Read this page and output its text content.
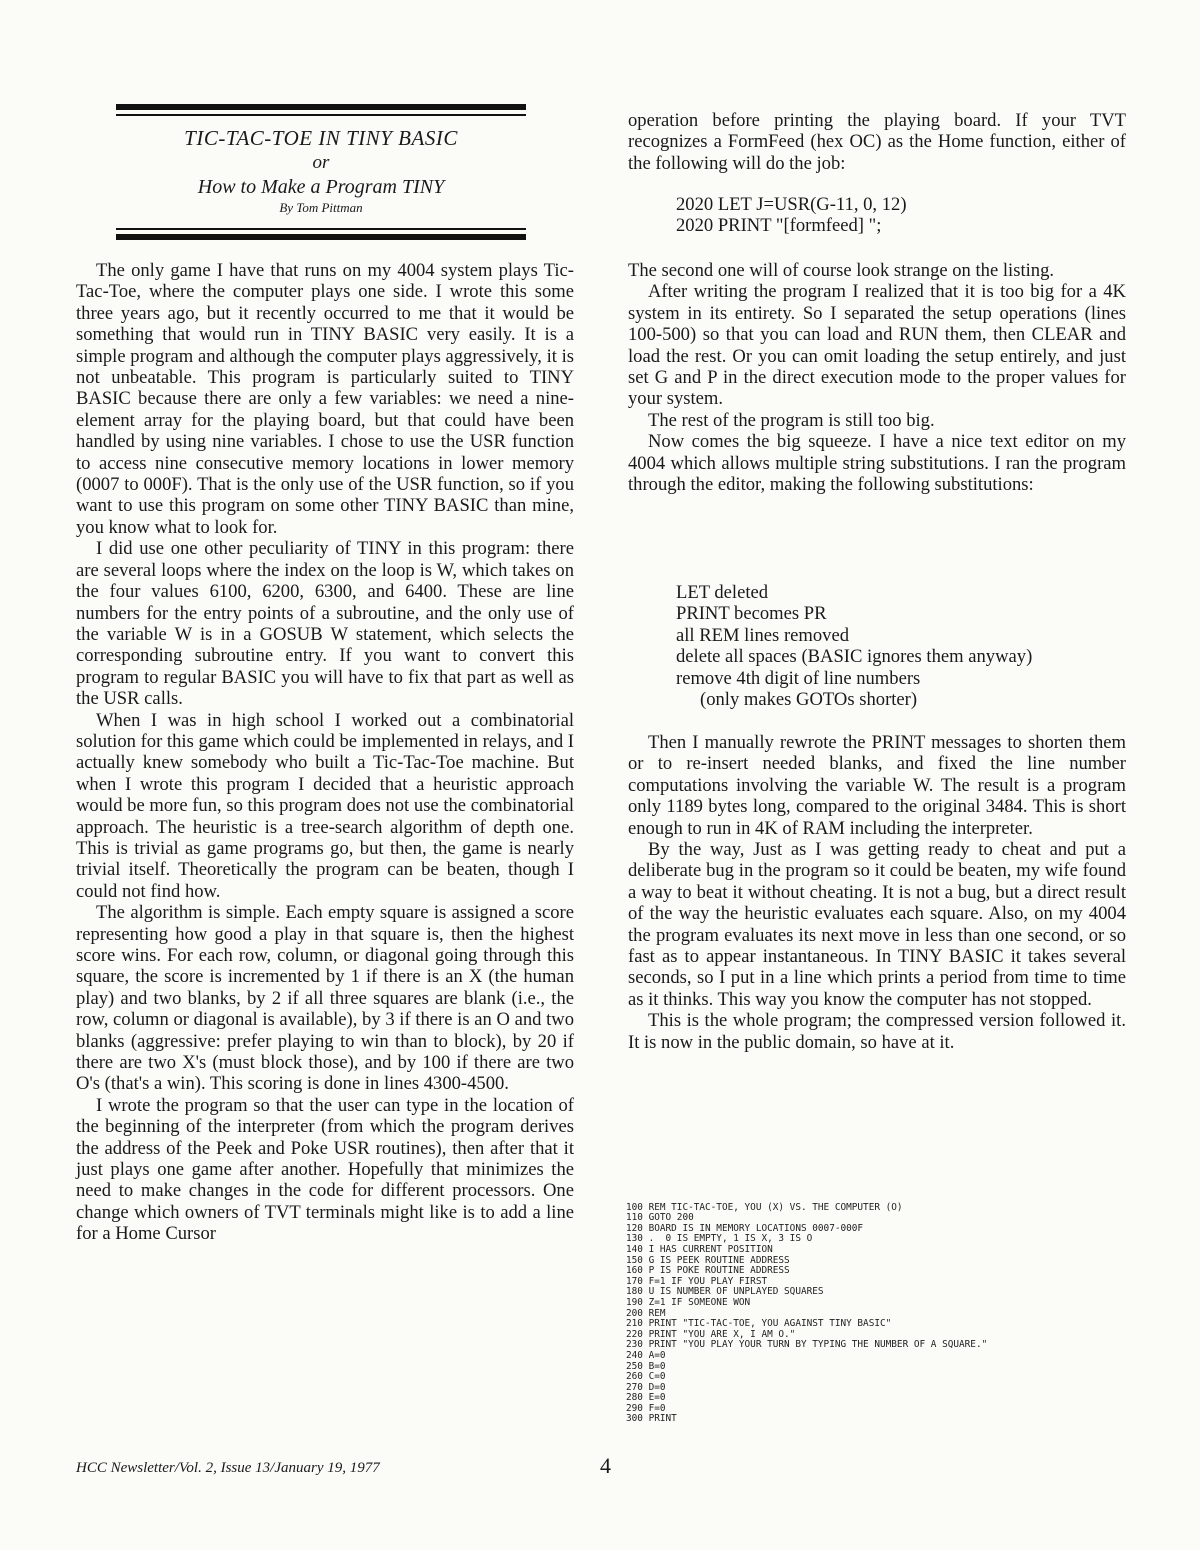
TIC-TAC-TOE IN TINY BASIC
or
How to Make a Program TINY
By Tom Pittman

The only game I have that runs on my 4004 system plays Tic-Tac-Toe, where the computer plays one side. I wrote this some three years ago, but it recently occurred to me that it would be something that would run in TINY BASIC very easily. It is a simple program and although the computer plays aggressively, it is not unbeatable. This program is particularly suited to TINY BASIC because there are only a few variables: we need a nine-element array for the playing board, but that could have been handled by using nine variables. I chose to use the USR function to access nine consecutive memory locations in lower memory (0007 to 000F). That is the only use of the USR function, so if you want to use this program on some other TINY BASIC than mine, you know what to look for.

I did use one other peculiarity of TINY in this program: there are several loops where the index on the loop is W, which takes on the four values 6100, 6200, 6300, and 6400. These are line numbers for the entry points of a subroutine, and the only use of the variable W is in a GOSUB W statement, which selects the corresponding subroutine entry. If you want to convert this program to regular BASIC you will have to fix that part as well as the USR calls.

When I was in high school I worked out a combinatorial solution for this game which could be implemented in relays, and I actually knew somebody who built a Tic-Tac-Toe machine. But when I wrote this program I decided that a heuristic approach would be more fun, so this program does not use the combinatorial approach. The heuristic is a tree-search algorithm of depth one. This is trivial as game programs go, but then, the game is nearly trivial itself. Theoretically the program can be beaten, though I could not find how.

The algorithm is simple. Each empty square is assigned a score representing how good a play in that square is, then the highest score wins. For each row, column, or diagonal going through this square, the score is incremented by 1 if there is an X (the human play) and two blanks, by 2 if all three squares are blank (i.e., the row, column or diagonal is available), by 3 if there is an O and two blanks (aggressive: prefer playing to win than to block), by 20 if there are two X's (must block those), and by 100 if there are two O's (that's a win). This scoring is done in lines 4300-4500.

I wrote the program so that the user can type in the location of the beginning of the interpreter (from which the program derives the address of the Peek and Poke USR routines), then after that it just plays one game after another. Hopefully that minimizes the need to make changes in the code for different processors. One change which owners of TVT terminals might like is to add a line for a Home Cursor

operation before printing the playing board. If your TVT recognizes a FormFeed (hex OC) as the Home function, either of the following will do the job:

2020 LET J=USR(G-11, 0, 12)
2020 PRINT "[formfeed] ";

The second one will of course look strange on the listing.

After writing the program I realized that it is too big for a 4K system in its entirety. So I separated the setup operations (lines 100-500) so that you can load and RUN them, then CLEAR and load the rest. Or you can omit loading the setup entirely, and just set G and P in the direct execution mode to the proper values for your system.

The rest of the program is still too big.

Now comes the big squeeze. I have a nice text editor on my 4004 which allows multiple string substitutions. I ran the program through the editor, making the following substitutions:

LET deleted
PRINT becomes PR
all REM lines removed
delete all spaces (BASIC ignores them anyway)
remove 4th digit of line numbers
(only makes GOTOs shorter)

Then I manually rewrote the PRINT messages to shorten them or to re-insert needed blanks, and fixed the line number computations involving the variable W. The result is a program only 1189 bytes long, compared to the original 3484. This is short enough to run in 4K of RAM including the interpreter.

By the way, Just as I was getting ready to cheat and put a deliberate bug in the program so it could be beaten, my wife found a way to beat it without cheating. It is not a bug, but a direct result of the way the heuristic evaluates each square. Also, on my 4004 the program evaluates its next move in less than one second, or so fast as to appear instantaneous. In TINY BASIC it takes several seconds, so I put in a line which prints a period from time to time as it thinks. This way you know the computer has not stopped.

This is the whole program; the compressed version followed it. It is now in the public domain, so have at it.

100 REM TIC-TAC-TOE, YOU (X) VS. THE COMPUTER (O)
110 GOTO 200
120 BOARD IS IN MEMORY LOCATIONS 0007-000F
130 .  0 IS EMPTY, 1 IS X, 3 IS O
140 I HAS CURRENT POSITION
150 G IS PEEK ROUTINE ADDRESS
160 P IS POKE ROUTINE ADDRESS
170 F=1 IF YOU PLAY FIRST
180 U IS NUMBER OF UNPLAYED SQUARES
190 Z=1 IF SOMEONE WON
200 REM
210 PRINT "TIC-TAC-TOE, YOU AGAINST TINY BASIC"
220 PRINT "YOU ARE X, I AM O."
230 PRINT "YOU PLAY YOUR TURN BY TYPING THE NUMBER OF A SQUARE."
240 A=0
250 B=0
260 C=0
270 D=0
280 E=0
290 F=0
300 PRINT

HCC Newsletter/Vol. 2, Issue 13/January 19, 1977	4
